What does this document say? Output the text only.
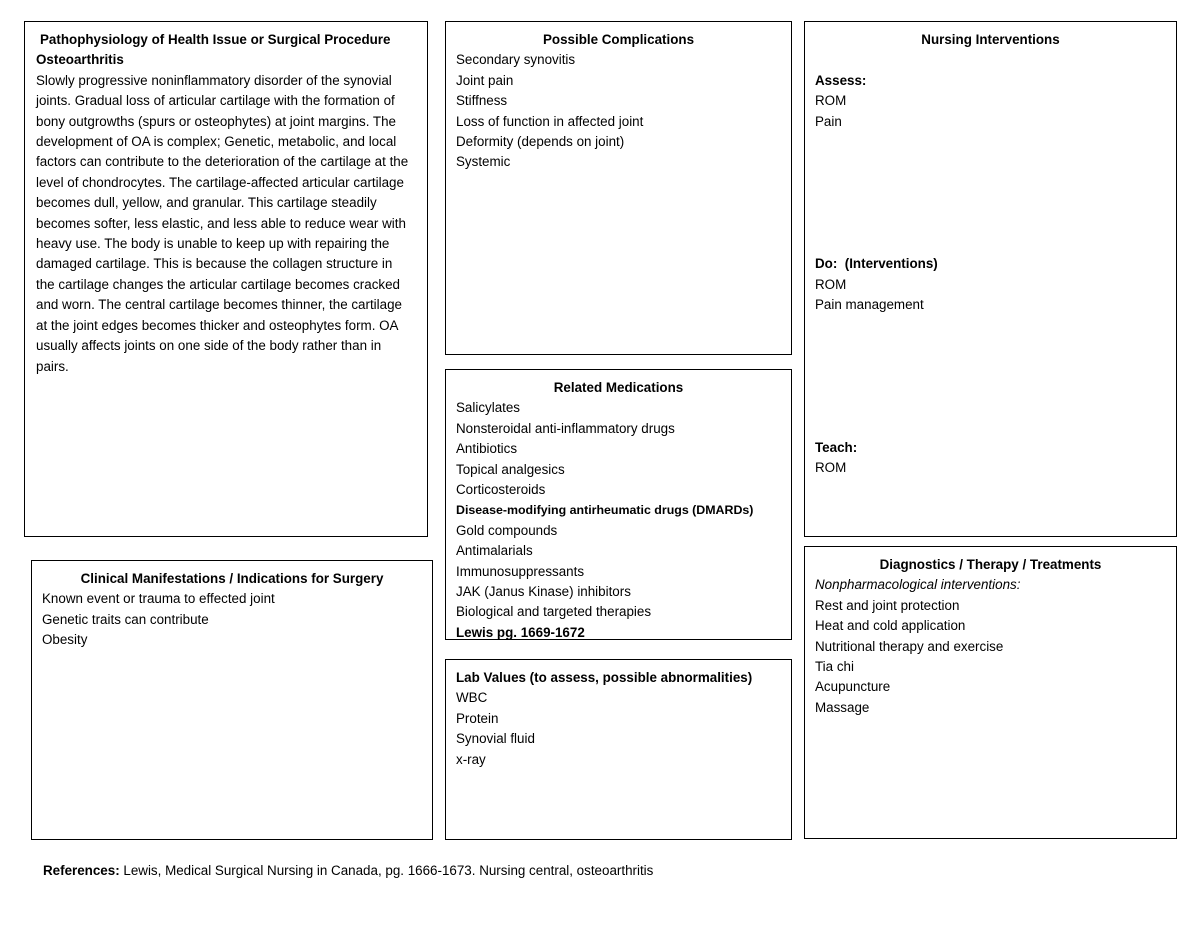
Pathophysiology of Health Issue or Surgical Procedure
Osteoarthritis
Slowly progressive noninflammatory disorder of the synovial joints. Gradual loss of articular cartilage with the formation of bony outgrowths (spurs or osteophytes) at joint margins. The development of OA is complex; Genetic, metabolic, and local factors can contribute to the deterioration of the cartilage at the level of chondrocytes. The cartilage-affected articular cartilage becomes dull, yellow, and granular. This cartilage steadily becomes softer, less elastic, and less able to reduce wear with heavy use. The body is unable to keep up with repairing the damaged cartilage. This is because the collagen structure in the cartilage changes the articular cartilage becomes cracked and worn. The central cartilage becomes thinner, the cartilage at the joint edges becomes thicker and osteophytes form. OA usually affects joints on one side of the body rather than in pairs.
Possible Complications
Secondary synovitis
Joint pain
Stiffness
Loss of function in affected joint
Deformity (depends on joint)
Systemic
Nursing Interventions
Assess:
ROM
Pain
Do:  (Interventions)
ROM
Pain management
Teach:
ROM
Related Medications
Salicylates
Nonsteroidal anti-inflammatory drugs
Antibiotics
Topical analgesics
Corticosteroids
Disease-modifying antirheumatic drugs (DMARDs)
Gold compounds
Antimalarials
Immunosuppressants
JAK (Janus Kinase) inhibitors
Biological and targeted therapies
Lewis pg. 1669-1672
Lab Values (to assess, possible abnormalities)
WBC
Protein
Synovial fluid
x-ray
Clinical Manifestations / Indications for Surgery
Known event or trauma to effected joint
Genetic traits can contribute
Obesity
Diagnostics / Therapy / Treatments
Nonpharmacological interventions:
Rest and joint protection
Heat and cold application
Nutritional therapy and exercise
Tia chi
Acupuncture
Massage
References: Lewis, Medical Surgical Nursing in Canada, pg. 1666-1673. Nursing central, osteoarthritis
